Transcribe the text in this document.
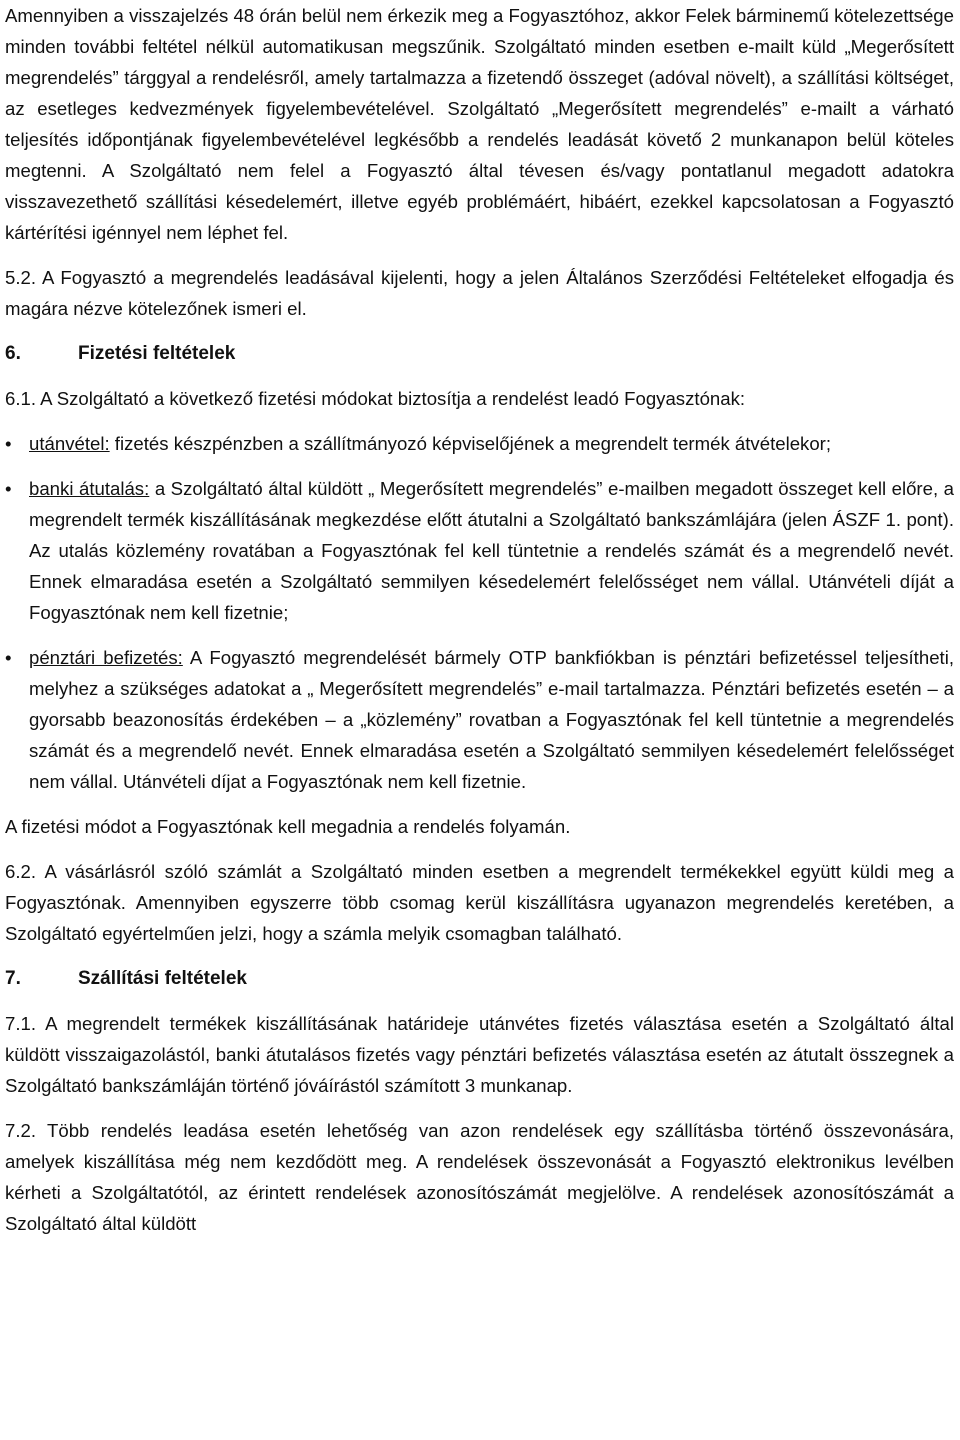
Amennyiben a visszajelzés 48 órán belül nem érkezik meg a Fogyasztóhoz, akkor Felek bárminemű kötelezettsége minden további feltétel nélkül automatikusan megszűnik. Szolgáltató minden esetben e-mailt küld „Megerősített megrendelés” tárggyal a rendelésről, amely tartalmazza a fizetendő összeget (adóval növelt), a szállítási költséget, az esetleges kedvezmények figyelembevételével. Szolgáltató „Megerősített megrendelés” e-mailt a várható teljesítés időpontjának figyelembevételével legkésőbb a rendelés leadását követő 2 munkanapon belül köteles megtenni. A Szolgáltató nem felel a Fogyasztó által tévesen és/vagy pontatlanul megadott adatokra visszavezethető szállítási késedelemért, illetve egyéb problémáért, hibáért, ezekkel kapcsolatosan a Fogyasztó kártérítési igénnyel nem léphet fel.

5.2. A Fogyasztó a megrendelés leadásával kijelenti, hogy a jelen Általános Szerződési Feltételeket elfogadja és magára nézve kötelezőnek ismeri el.

6.	Fizetési feltételek

6.1. A Szolgáltató a következő fizetési módokat biztosítja a rendelést leadó Fogyasztónak:

• utánvétel: fizetés készpénzben a szállítmányozó képviselőjének a megrendelt termék átvételekor;

• banki átutalás: a Szolgáltató által küldött „ Megerősített megrendelés” e-mailben megadott összeget kell előre, a megrendelt termék kiszállításának megkezdése előtt átutalni a Szolgáltató bankszámlájára (jelen ÁSZF 1. pont). Az utalás közlemény rovatában a Fogyasztónak fel kell tüntetnie a rendelés számát és a megrendelő nevét. Ennek elmaradása esetén a Szolgáltató semmilyen késedelemért felelősséget nem vállal. Utánvételi díját a Fogyasztónak nem kell fizetnie;

• pénztári befizetés: A Fogyasztó megrendelését bármely OTP bankfiókban is pénztári befizetéssel teljesítheti, melyhez a szükséges adatokat a „ Megerősített megrendelés” e-mail tartalmazza. Pénztári befizetés esetén – a gyorsabb beazonosítás érdekében – a „közlemény” rovatban a Fogyasztónak fel kell tüntetnie a megrendelés számát és a megrendelő nevét. Ennek elmaradása esetén a Szolgáltató semmilyen késedelemért felelősséget nem vállal. Utánvételi díjat a Fogyasztónak nem kell fizetnie.

A fizetési módot a Fogyasztónak kell megadnia a rendelés folyamán.

6.2. A vásárlásról szóló számlát a Szolgáltató minden esetben a megrendelt termékekkel együtt küldi meg a Fogyasztónak. Amennyiben egyszerre több csomag kerül kiszállításra ugyanazon megrendelés keretében, a Szolgáltató egyértelműen jelzi, hogy a számla melyik csomagban található.

7.	Szállítási feltételek

7.1. A megrendelt termékek kiszállításának határideje utánvétes fizetés választása esetén a Szolgáltató által küldött visszaigazolástól, banki átutalásos fizetés vagy pénztári befizetés választása esetén az átutalt összegnek a Szolgáltató bankszámláján történő jóváírástól számított 3 munkanap.

7.2. Több rendelés leadása esetén lehetőség van azon rendelések egy szállításba történő összevonására, amelyek kiszállítása még nem kezdődött meg. A rendelések összevonását a Fogyasztó elektronikus levélben kérheti a Szolgáltatótól, az érintett rendelések azonosítószámát megjelölve. A rendelések azonosítószámát a Szolgáltató által küldött
